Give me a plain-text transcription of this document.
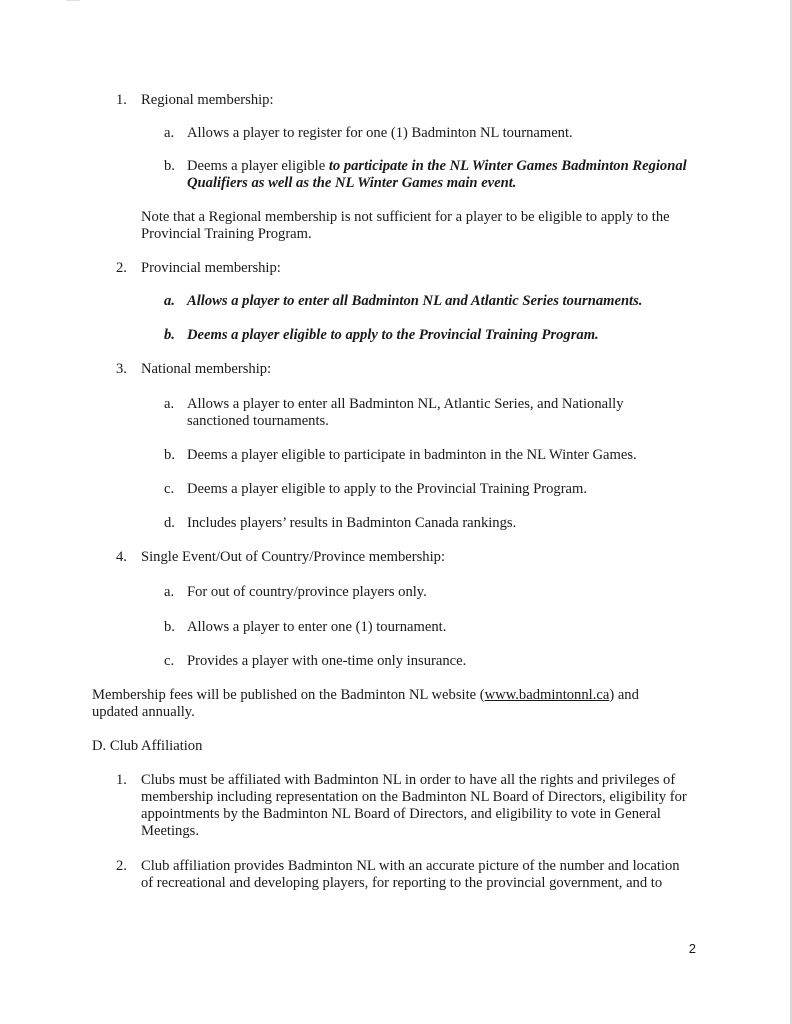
1. Regional membership:
a. Allows a player to register for one (1) Badminton NL tournament.
b. Deems a player eligible to participate in the NL Winter Games Badminton Regional
Qualifiers as well as the NL Winter Games main event.
Note that a Regional membership is not sufficient for a player to be eligible to apply to the
Provincial Training Program.
2. Provincial membership:
a. Allows a player to enter all Badminton NL and Atlantic Series tournaments.
b. Deems a player eligible to apply to the Provincial Training Program.
3. National membership:
a. Allows a player to enter all Badminton NL, Atlantic Series, and Nationally
sanctioned tournaments.
b. Deems a player eligible to participate in badminton in the NL Winter Games.
c. Deems a player eligible to apply to the Provincial Training Program.
d. Includes players’ results in Badminton Canada rankings.
4. Single Event/Out of Country/Province membership:
a. For out of country/province players only.
b. Allows a player to enter one (1) tournament.
c. Provides a player with one-time only insurance.
Membership fees will be published on the Badminton NL website (www.badmintonnl.ca) and
updated annually.
D. Club Affiliation
1. Clubs must be affiliated with Badminton NL in order to have all the rights and privileges of
membership including representation on the Badminton NL Board of Directors, eligibility for
appointments by the Badminton NL Board of Directors, and eligibility to vote in General
Meetings.
2. Club affiliation provides Badminton NL with an accurate picture of the number and location
of recreational and developing players, for reporting to the provincial government, and to
2
